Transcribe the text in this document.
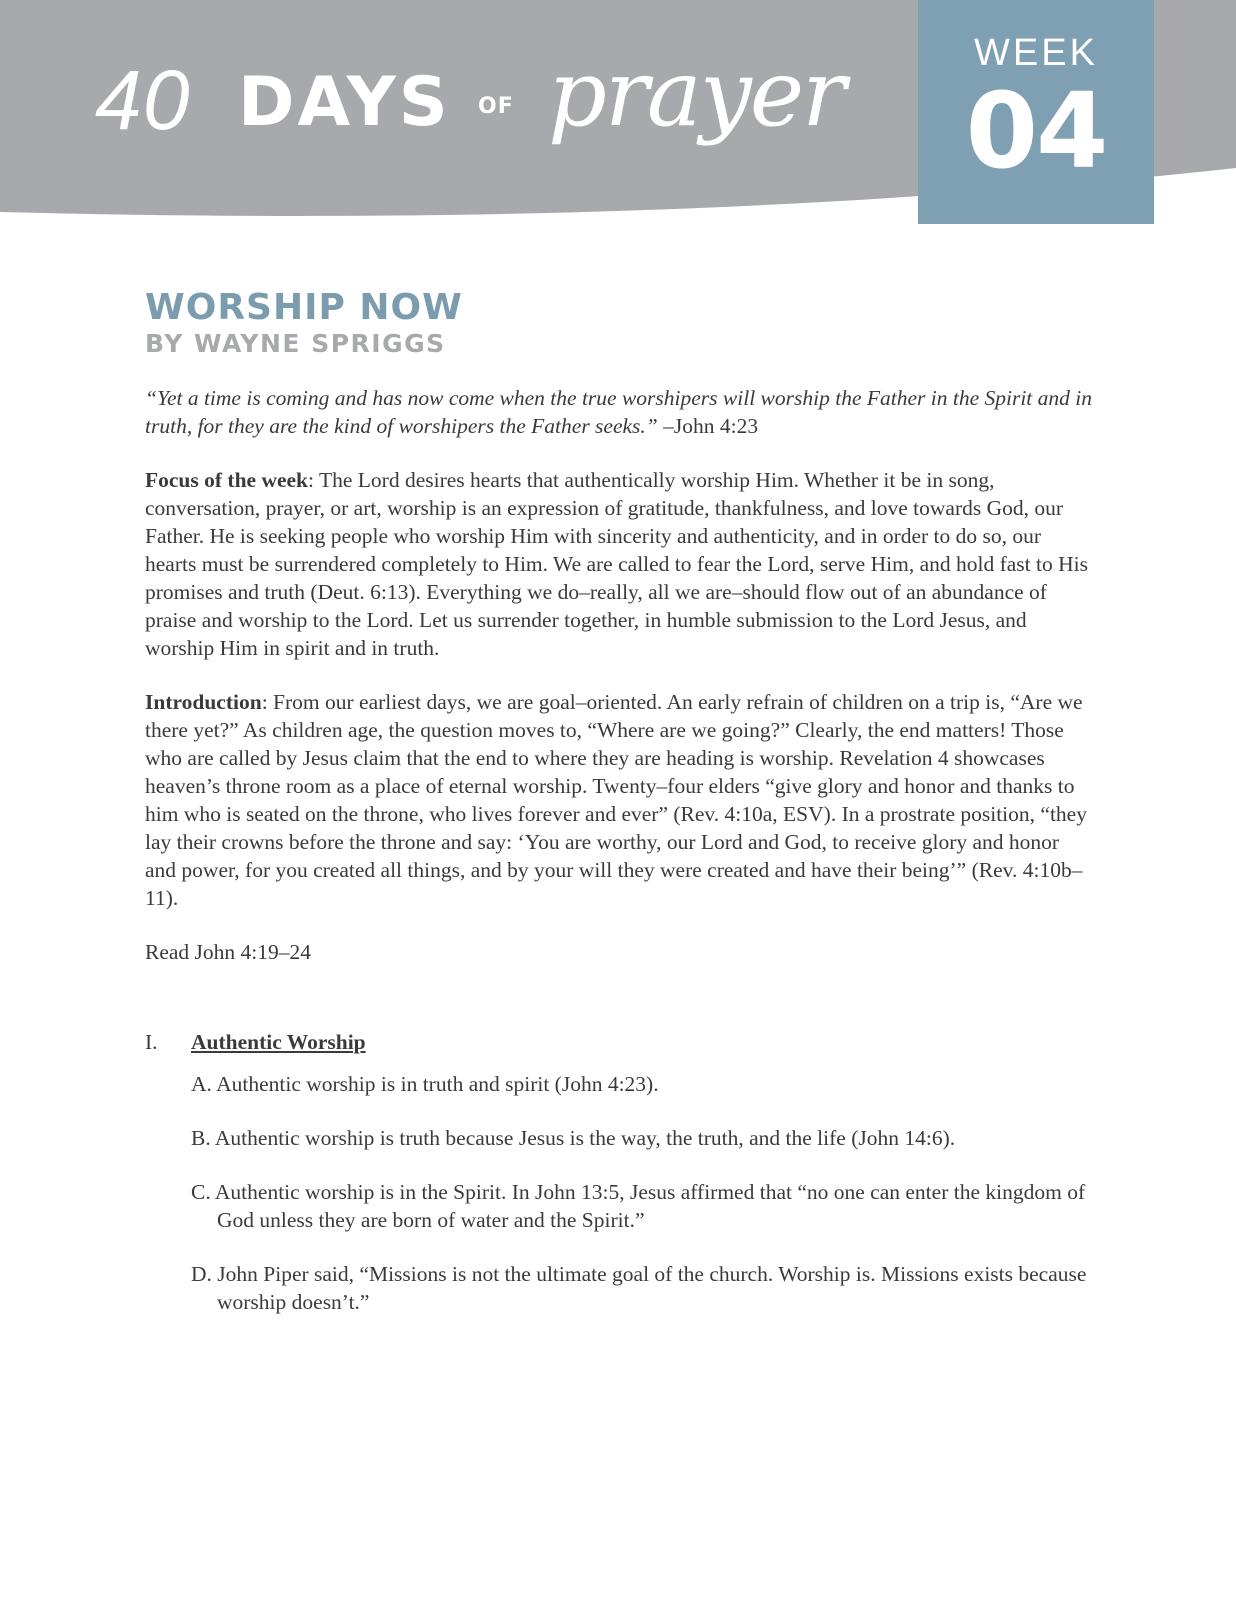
40 DAYS OF prayer	WEEK
04
WORSHIP NOW
BY WAYNE SPRIGGS

“Yet a time is coming and has now come when the true worshipers will worship the Father in the Spirit and in truth, for they are the kind of worshipers the Father seeks.” –John 4:23

Focus of the week: The Lord desires hearts that authentically worship Him. Whether it be in song, conversation, prayer, or art, worship is an expression of gratitude, thankfulness, and love towards God, our Father. He is seeking people who worship Him with sincerity and authenticity, and in order to do so, our hearts must be surrendered completely to Him. We are called to fear the Lord, serve Him, and hold fast to His promises and truth (Deut. 6:13). Everything we do–really, all we are–should flow out of an abundance of praise and worship to the Lord. Let us surrender together, in humble submission to the Lord Jesus, and worship Him in spirit and in truth.

Introduction: From our earliest days, we are goal–oriented. An early refrain of children on a trip is, “Are we there yet?” As children age, the question moves to, “Where are we going?” Clearly, the end matters! Those who are called by Jesus claim that the end to where they are heading is worship. Revelation 4 showcases heaven’s throne room as a place of eternal worship. Twenty–four elders “give glory and honor and thanks to him who is seated on the throne, who lives forever and ever” (Rev. 4:10a, ESV). In a prostrate position, “they lay their crowns before the throne and say: ‘You are worthy, our Lord and God, to receive glory and honor and power, for you created all things, and by your will they were created and have their being’” (Rev. 4:10b–11).

Read John 4:19–24

I.	Authentic Worship
A. Authentic worship is in truth and spirit (John 4:23).
B. Authentic worship is truth because Jesus is the way, the truth, and the life (John 14:6).
C. Authentic worship is in the Spirit. In John 13:5, Jesus affirmed that “no one can enter the kingdom of God unless they are born of water and the Spirit.”
D. John Piper said, “Missions is not the ultimate goal of the church. Worship is. Missions exists because worship doesn’t.”
